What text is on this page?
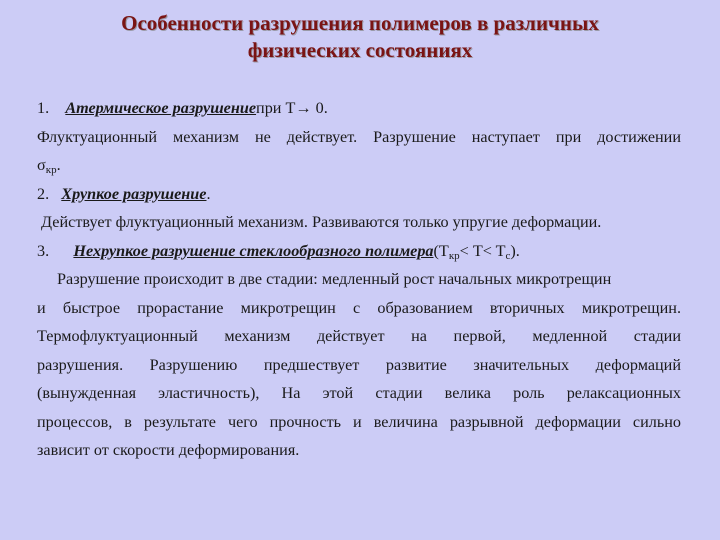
Особенности разрушения полимеров в различных
физических состояниях
1. Атермическое разрушениепри T→ 0.
Флуктуационный механизм не действует. Разрушение наступает при достижении
$\sigma_{кр}$.
2. Хрупкое разрушение.
Действует флуктуационный механизм. Развиваются только упругие деформации.
3. Нехрупкое разрушение стеклообразного $полимера(T_{кр}< T< T_c)$.
Разрушение происходит в две стадии: медленный рост начальных микротрещин
и быстрое прорастание микротрещин с образованием вторичных микротрещин.
Термофлуктуационный механизм действует на первой, медленной стадии
разрушения. Разрушению предшествует развитие значительных деформаций
(вынужденная эластичность), На этой стадии велика роль релаксационных
процессов, в результате чего прочность и величина разрывной деформации сильно
зависит от скорости деформирования.
